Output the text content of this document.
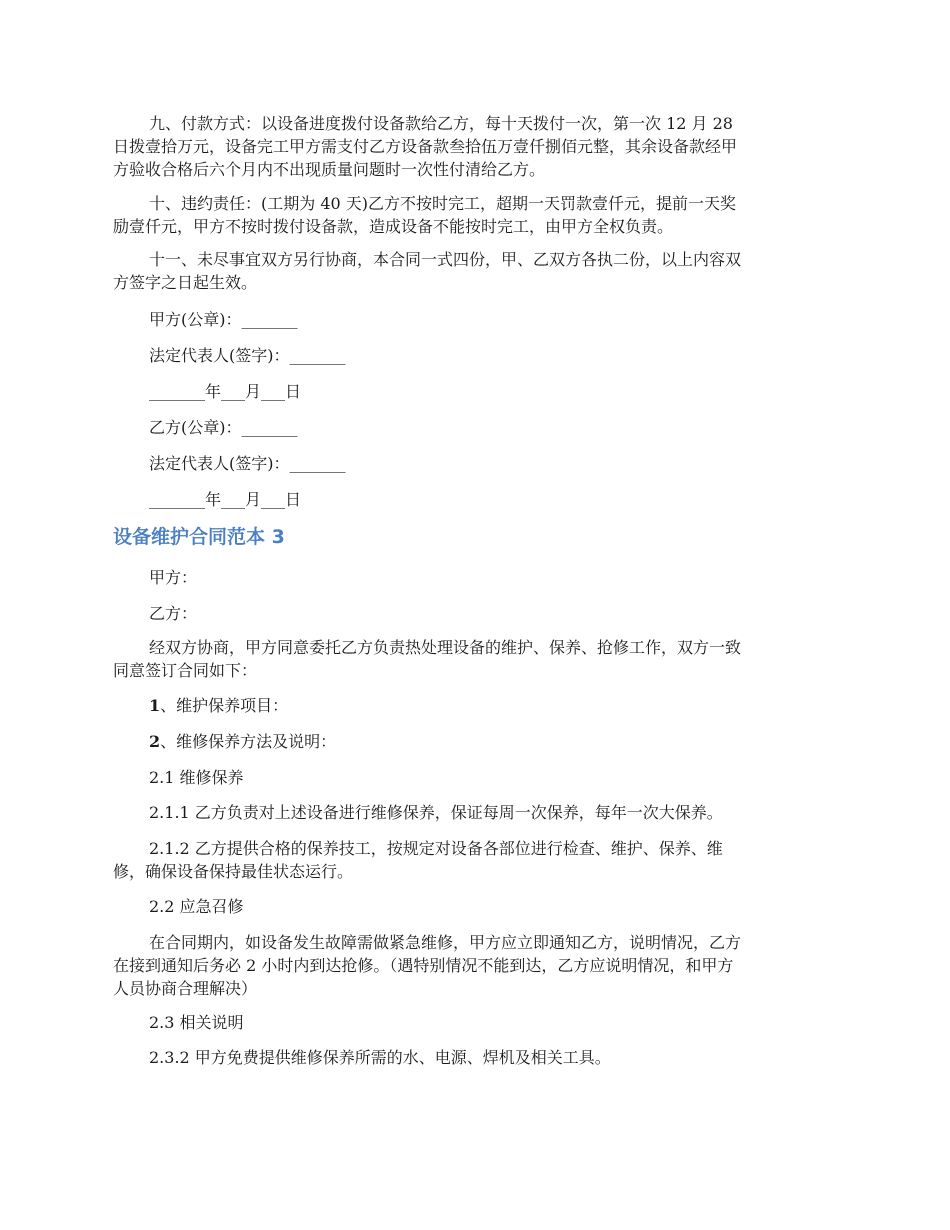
九、付款方式：以设备进度拨付设备款给乙方，每十天拨付一次，第一次 12 月 28
日拨壹拾万元，设备完工甲方需支付乙方设备款叁拾伍万壹仟捌佰元整，其余设备款经甲
方验收合格后六个月内不出现质量问题时一次性付清给乙方。

十、违约责任：(工期为 40 天)乙方不按时完工，超期一天罚款壹仟元，提前一天奖
励壹仟元，甲方不按时拨付设备款，造成设备不能按时完工，由甲方全权负责。

十一、未尽事宜双方另行协商，本合同一式四份，甲、乙双方各执二份，以上内容双
方签字之日起生效。

甲方(公章)：_______

法定代表人(签字)：_______

_______年___月___日

乙方(公章)：_______

法定代表人(签字)：_______

_______年___月___日

设备维护合同范本 3

甲方：

乙方：

经双方协商，甲方同意委托乙方负责热处理设备的维护、保养、抢修工作，双方一致
同意签订合同如下：

1、维护保养项目：

2、维修保养方法及说明：

2.1 维修保养

2.1.1 乙方负责对上述设备进行维修保养，保证每周一次保养，每年一次大保养。

2.1.2 乙方提供合格的保养技工，按规定对设备各部位进行检查、维护、保养、维
修，确保设备保持最佳状态运行。

2.2 应急召修

在合同期内，如设备发生故障需做紧急维修，甲方应立即通知乙方，说明情况，乙方
在接到通知后务必 2 小时内到达抢修。（遇特别情况不能到达，乙方应说明情况，和甲方
人员协商合理解决）

2.3 相关说明

2.3.2 甲方免费提供维修保养所需的水、电源、焊机及相关工具。
